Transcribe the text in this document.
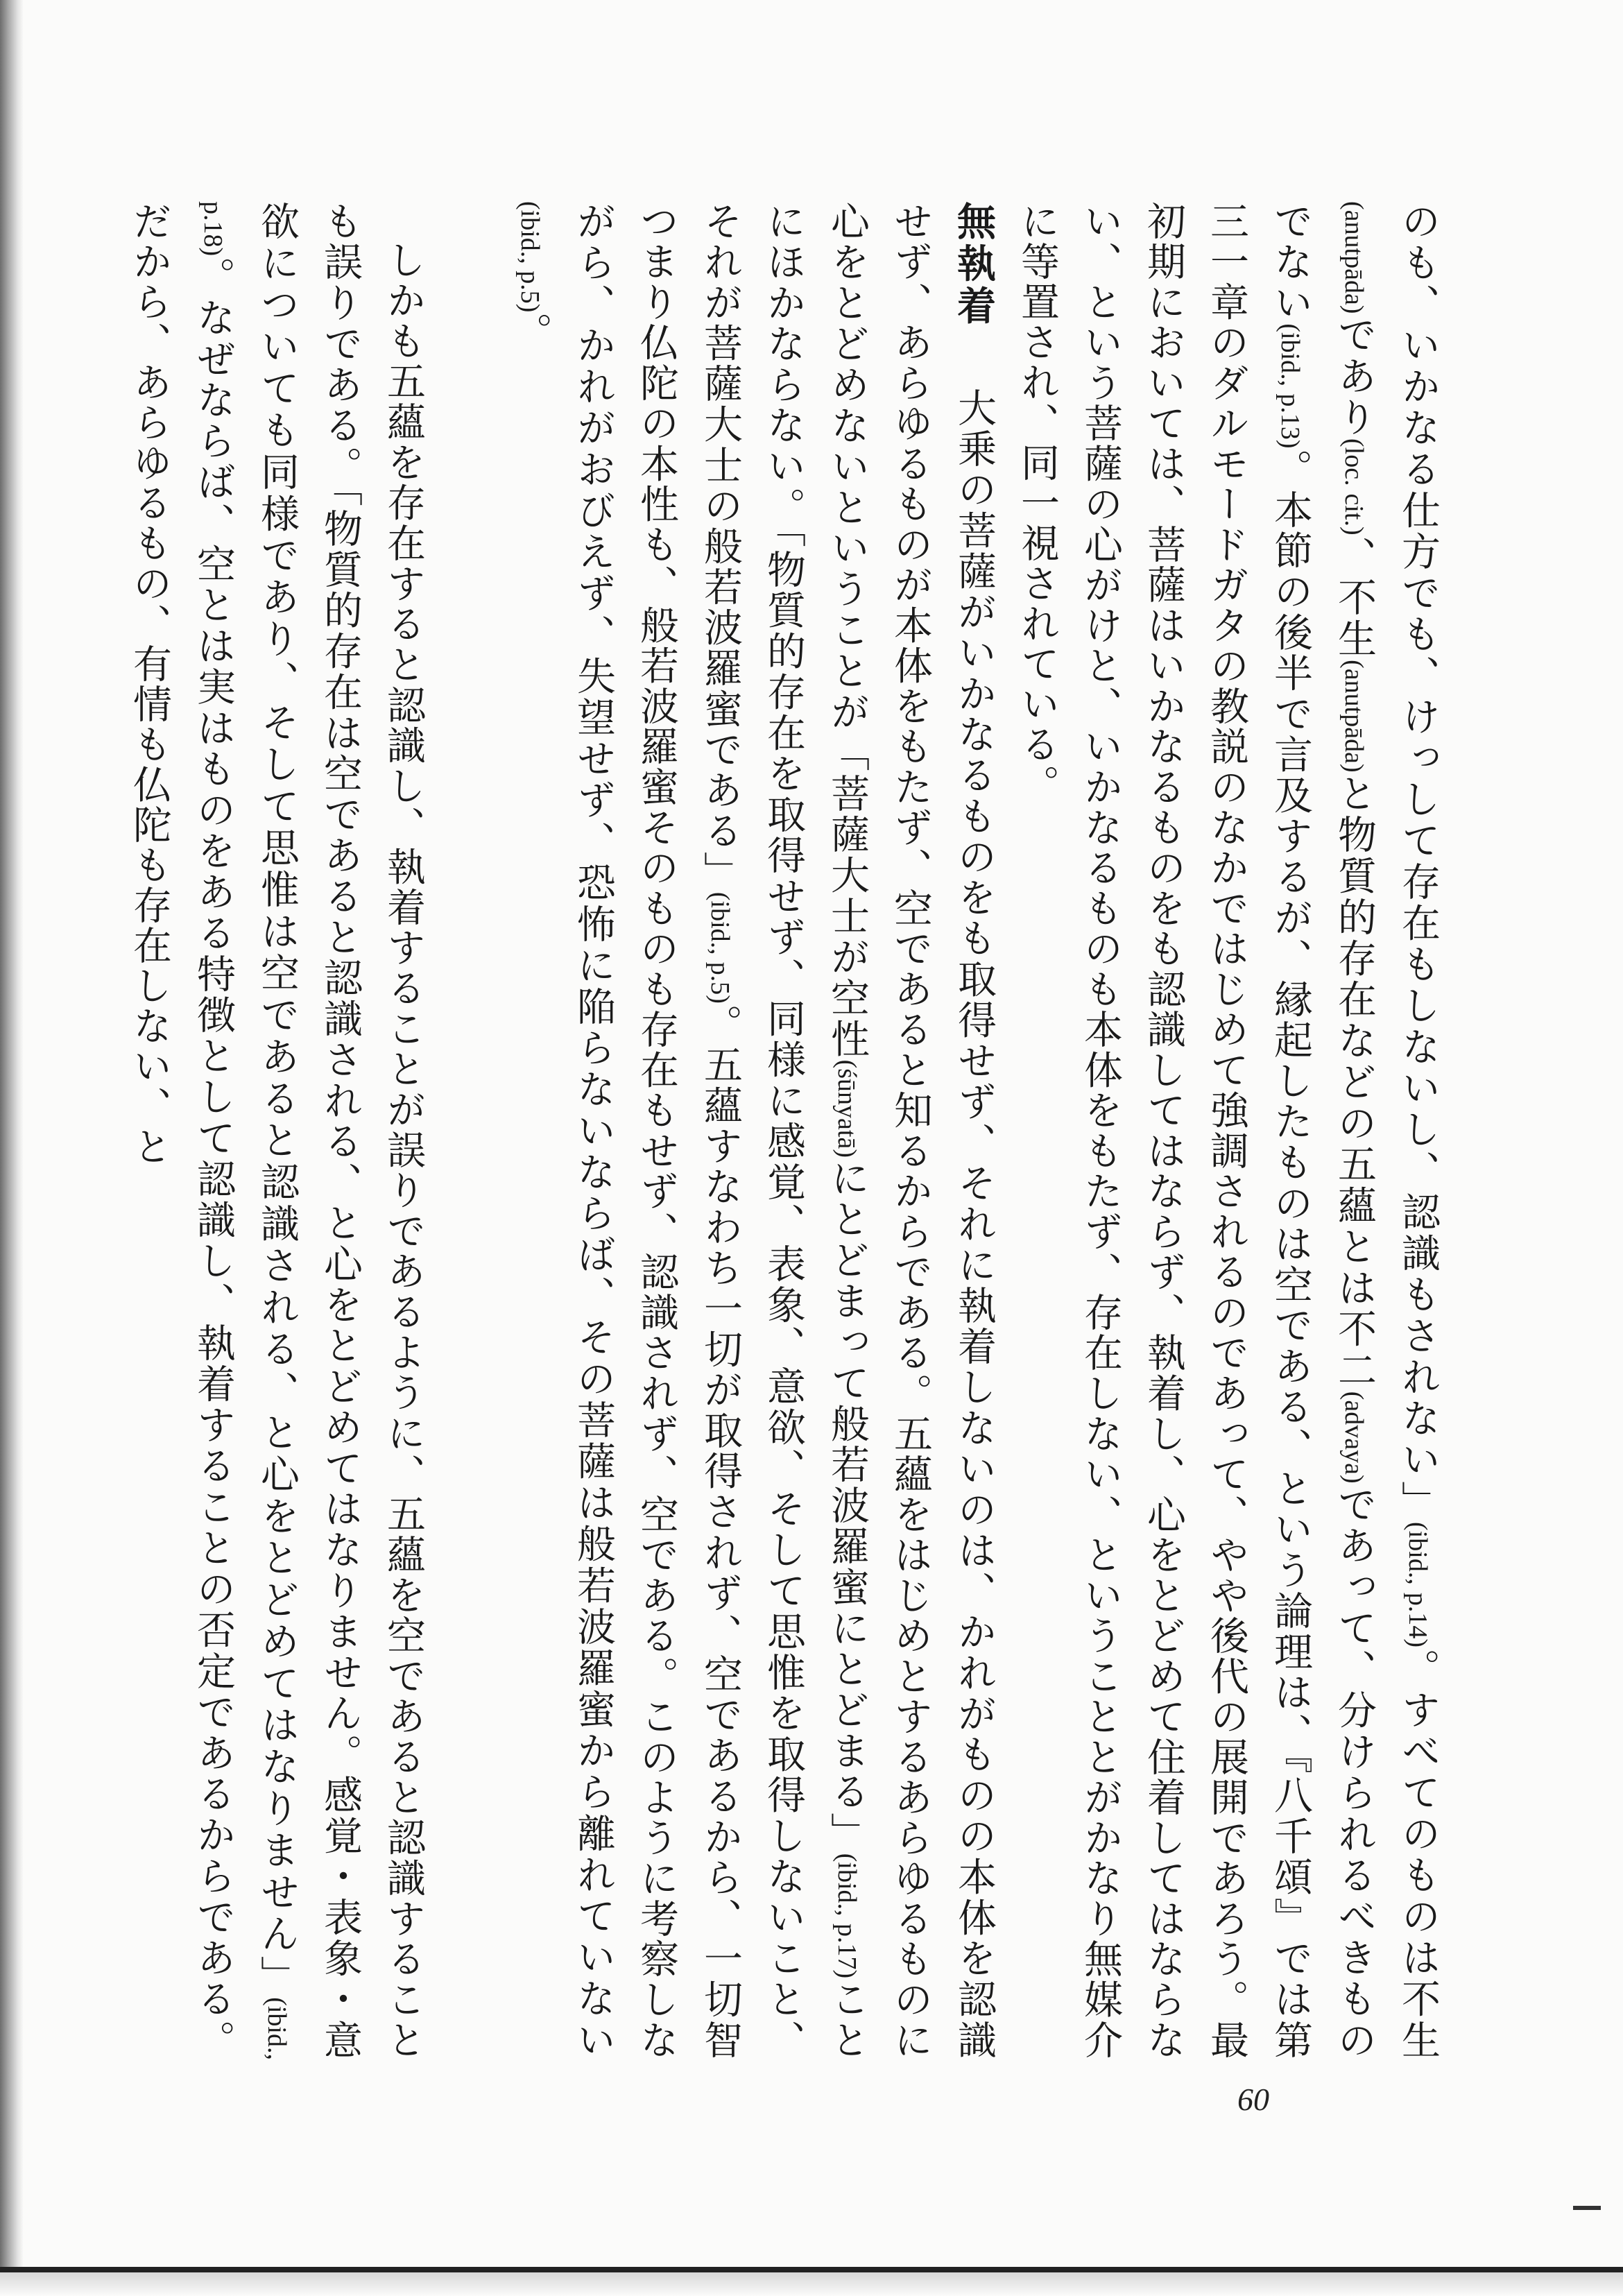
のも、いかなる仕方でも、けっして存在もしないし、認識もされない」(ibid., p.14)。すべてのものは不生(anutpāda)であり(loc. cit.)、不生(anutpāda)と物質的存在などの五蘊とは不二(advaya)であって、分けられるべきものでない(ibid., p.13)。本節の後半で言及するが、縁起したものは空である、という論理は、『八千頌』では第三一章のダルモードガタの教説のなかではじめて強調されるのであって、やや後代の展開であろう。最初期においては、菩薩はいかなるものをも認識してはならず、執着し、心をとどめて住着してはならない、という菩薩の心がけと、いかなるものも本体をもたず、存在しない、ということとがかなり無媒介に等置され、同一視されている。

無執着　大乗の菩薩がいかなるものをも取得せず、それに執着しないのは、かれがものの本体を認識せず、あらゆるものが本体をもたず、空であると知るからである。五蘊をはじめとするあらゆるものに心をとどめないということが「菩薩大士が空性(śūnyatā)にとどまって般若波羅蜜にとどまる」(ibid., p.17)ことにほかならない。「物質的存在を取得せず、同様に感覚、表象、意欲、そして思惟を取得しないこと、それが菩薩大士の般若波羅蜜である」(ibid., p.5)。五蘊すなわち一切が取得されず、空であるから、一切智つまり仏陀の本性も、般若波羅蜜そのものも存在もせず、認識されず、空である。このように考察しながら、かれがおびえず、失望せず、恐怖に陥らないならば、その菩薩は般若波羅蜜から離れていない(ibid., p.5)。

しかも五蘊を存在すると認識し、執着することが誤りであるように、五蘊を空であると認識することも誤りである。「物質的存在は空であると認識される、と心をとどめてはなりません。感覚・表象・意欲についても同様であり、そして思惟は空であると認識される、と心をとどめてはなりません」(ibid., p.18)。なぜならば、空とは実はものをある特徴として認識し、執着することの否定であるからである。だから、あらゆるもの、有情も仏陀も存在しない、と

60
